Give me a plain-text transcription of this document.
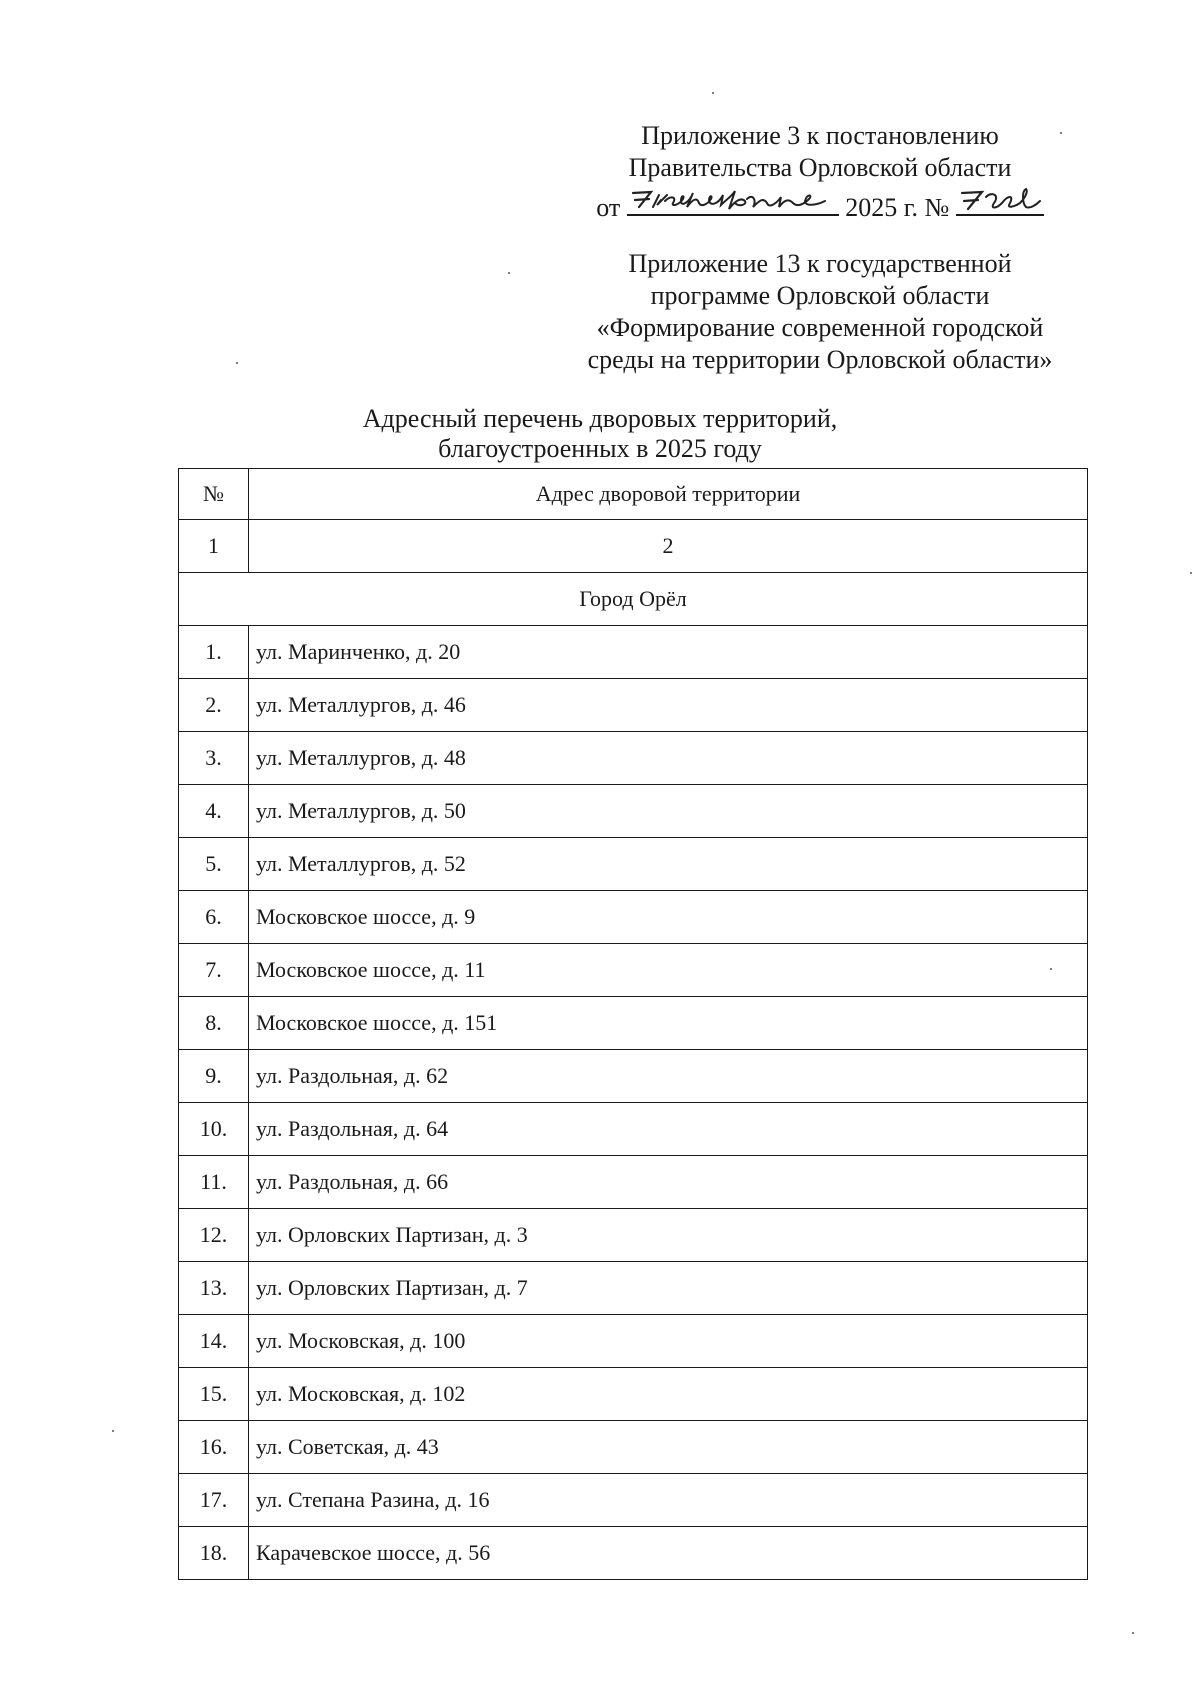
Приложение 3 к постановлению
Правительства Орловской области
от	2025 г. №
Приложение 13 к государственной
программе Орловской области
«Формирование современной городской
среды на территории Орловской области»
Адресный перечень дворовых территорий,
благоустроенных в 2025 году
№	Адрес дворовой территории
1	2
Город Орёл	
1.	ул. Маринченко, д. 20
2.	ул. Металлургов, д. 46
3.	ул. Металлургов, д. 48
4.	ул. Металлургов, д. 50
5.	ул. Металлургов, д. 52
6.	Московское шоссе, д. 9
7.	Московское шоссе, д. 11
8.	Московское шоссе, д. 151
9.	ул. Раздольная, д. 62
10.	ул. Раздольная, д. 64
11.	ул. Раздольная, д. 66
12.	ул. Орловских Партизан, д. 3
13.	ул. Орловских Партизан, д. 7
14.	ул. Московская, д. 100
15.	ул. Московская, д. 102
16.	ул. Советская, д. 43
17.	ул. Степана Разина, д. 16
18.	Карачевское шоссе, д. 56
